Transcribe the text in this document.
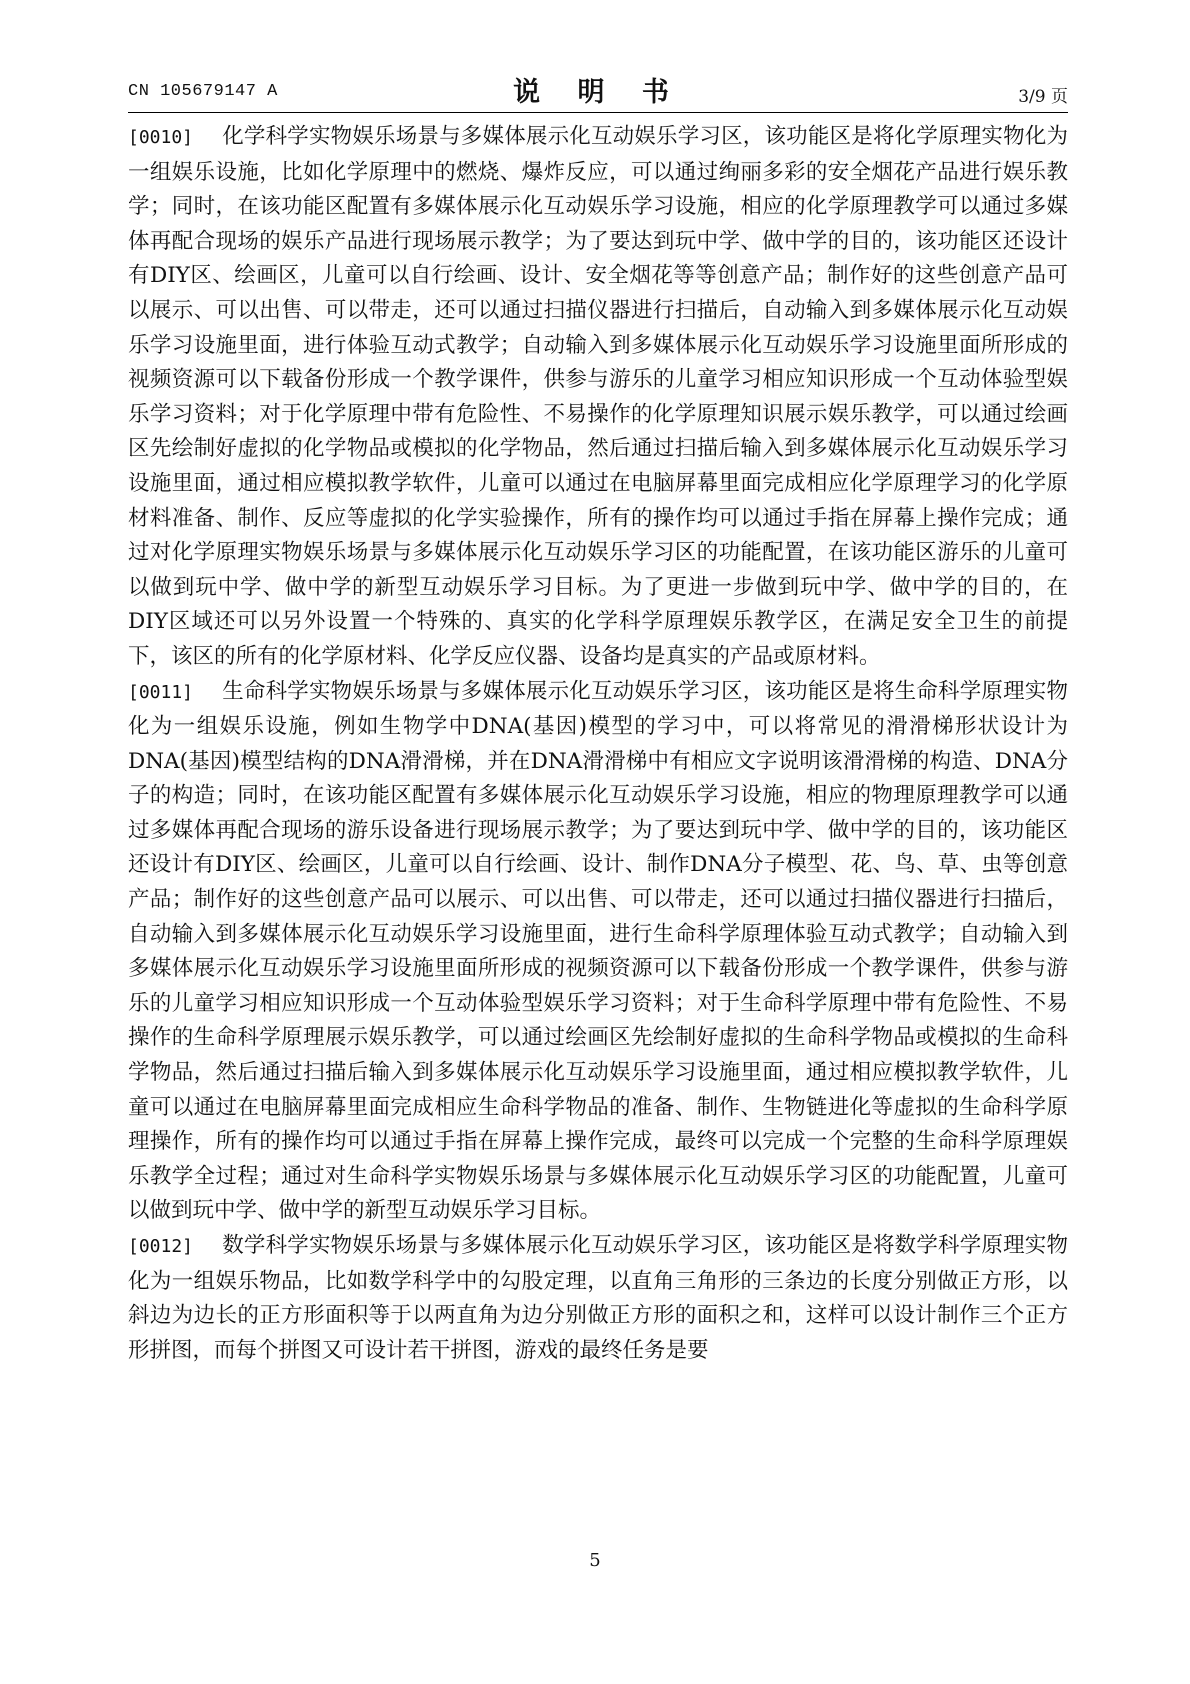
CN 105679147 A	说 明 书	3/9 页

[0010] 化学科学实物娱乐场景与多媒体展示化互动娱乐学习区，该功能区是将化学原理实物化为一组娱乐设施，比如化学原理中的燃烧、爆炸反应，可以通过绚丽多彩的安全烟花产品进行娱乐教学；同时，在该功能区配置有多媒体展示化互动娱乐学习设施，相应的化学原理教学可以通过多媒体再配合现场的娱乐产品进行现场展示教学；为了要达到玩中学、做中学的目的，该功能区还设计有DIY区、绘画区，儿童可以自行绘画、设计、安全烟花等等创意产品；制作好的这些创意产品可以展示、可以出售、可以带走，还可以通过扫描仪器进行扫描后，自动输入到多媒体展示化互动娱乐学习设施里面，进行体验互动式教学；自动输入到多媒体展示化互动娱乐学习设施里面所形成的视频资源可以下载备份形成一个教学课件，供参与游乐的儿童学习相应知识形成一个互动体验型娱乐学习资料；对于化学原理中带有危险性、不易操作的化学原理知识展示娱乐教学，可以通过绘画区先绘制好虚拟的化学物品或模拟的化学物品，然后通过扫描后输入到多媒体展示化互动娱乐学习设施里面，通过相应模拟教学软件，儿童可以通过在电脑屏幕里面完成相应化学原理学习的化学原材料准备、制作、反应等虚拟的化学实验操作，所有的操作均可以通过手指在屏幕上操作完成；通过对化学原理实物娱乐场景与多媒体展示化互动娱乐学习区的功能配置，在该功能区游乐的儿童可以做到玩中学、做中学的新型互动娱乐学习目标。为了更进一步做到玩中学、做中学的目的，在DIY区域还可以另外设置一个特殊的、真实的化学科学原理娱乐教学区，在满足安全卫生的前提下，该区的所有的化学原材料、化学反应仪器、设备均是真实的产品或原材料。

[0011] 生命科学实物娱乐场景与多媒体展示化互动娱乐学习区，该功能区是将生命科学原理实物化为一组娱乐设施，例如生物学中DNA(基因)模型的学习中，可以将常见的滑滑梯形状设计为DNA(基因)模型结构的DNA滑滑梯，并在DNA滑滑梯中有相应文字说明该滑滑梯的构造、DNA分子的构造；同时，在该功能区配置有多媒体展示化互动娱乐学习设施，相应的物理原理教学可以通过多媒体再配合现场的游乐设备进行现场展示教学；为了要达到玩中学、做中学的目的，该功能区还设计有DIY区、绘画区，儿童可以自行绘画、设计、制作DNA分子模型、花、鸟、草、虫等创意产品；制作好的这些创意产品可以展示、可以出售、可以带走，还可以通过扫描仪器进行扫描后，自动输入到多媒体展示化互动娱乐学习设施里面，进行生命科学原理体验互动式教学；自动输入到多媒体展示化互动娱乐学习设施里面所形成的视频资源可以下载备份形成一个教学课件，供参与游乐的儿童学习相应知识形成一个互动体验型娱乐学习资料；对于生命科学原理中带有危险性、不易操作的生命科学原理展示娱乐教学，可以通过绘画区先绘制好虚拟的生命科学物品或模拟的生命科学物品，然后通过扫描后输入到多媒体展示化互动娱乐学习设施里面，通过相应模拟教学软件，儿童可以通过在电脑屏幕里面完成相应生命科学物品的准备、制作、生物链进化等虚拟的生命科学原理操作，所有的操作均可以通过手指在屏幕上操作完成，最终可以完成一个完整的生命科学原理娱乐教学全过程；通过对生命科学实物娱乐场景与多媒体展示化互动娱乐学习区的功能配置，儿童可以做到玩中学、做中学的新型互动娱乐学习目标。

[0012] 数学科学实物娱乐场景与多媒体展示化互动娱乐学习区，该功能区是将数学科学原理实物化为一组娱乐物品，比如数学科学中的勾股定理，以直角三角形的三条边的长度分别做正方形，以斜边为边长的正方形面积等于以两直角为边分别做正方形的面积之和，这样可以设计制作三个正方形拼图，而每个拼图又可设计若干拼图，游戏的最终任务是要

5
